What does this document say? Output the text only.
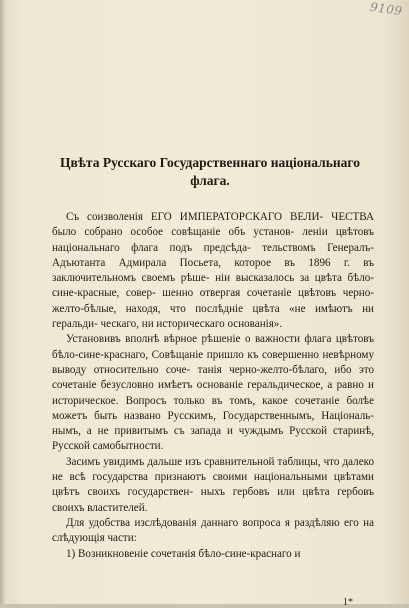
9109
Цвѣта Русскаго Государственнаго національнаго
флага.

Съ соизволенія ЕГО ИМПЕРАТОРСКАГО ВЕЛИ- ЧЕСТВА было собрано особое совѣщаніе объ установ- леніи цвѣтовъ національнаго флага подъ предсѣда- тельствомъ Генералъ-Адъютанта Адмирала Посьета, которое въ 1896 г. въ заключительномъ своемъ рѣше- ніи высказалось за цвѣта бѣло-сине-красные, совер- шенно отвергая сочетаніе цвѣтовъ черно-желто-бѣлые, находя, что послѣдніе цвѣта «не имѣютъ ни геральди- ческаго, ни историческаго основанія».

Установивъ вполнѣ вѣрное рѣшеніе о важности флага цвѣтовъ бѣло-сине-краснаго, Совѣщаніе пришло къ совершенно невѣрному выводу относительно соче- танія черно-желто-бѣлаго, ибо это сочетаніе безусловно имѣетъ основаніе геральдическое, а равно и историческое. Вопросъ только въ томъ, какое сочетаніе болѣе можетъ быть названо Русскимъ, Государственнымъ, Національ- нымъ, а не привитымъ съ запада и чуждымъ Русской старинѣ, Русской самобытности.

Засимъ увидимъ дальше изъ сравнительной таблицы, что далеко не всѣ государства признаютъ своими національными цвѣтами цвѣтъ своихъ государствен- ныхъ гербовъ или цвѣта гербовъ своихъ властителей.

Для удобства изслѣдованія даннаго вопроса я раздѣляю его на слѣдующія части:

1) Возникновеніе сочетанія бѣло-сине-краснаго и

1*
